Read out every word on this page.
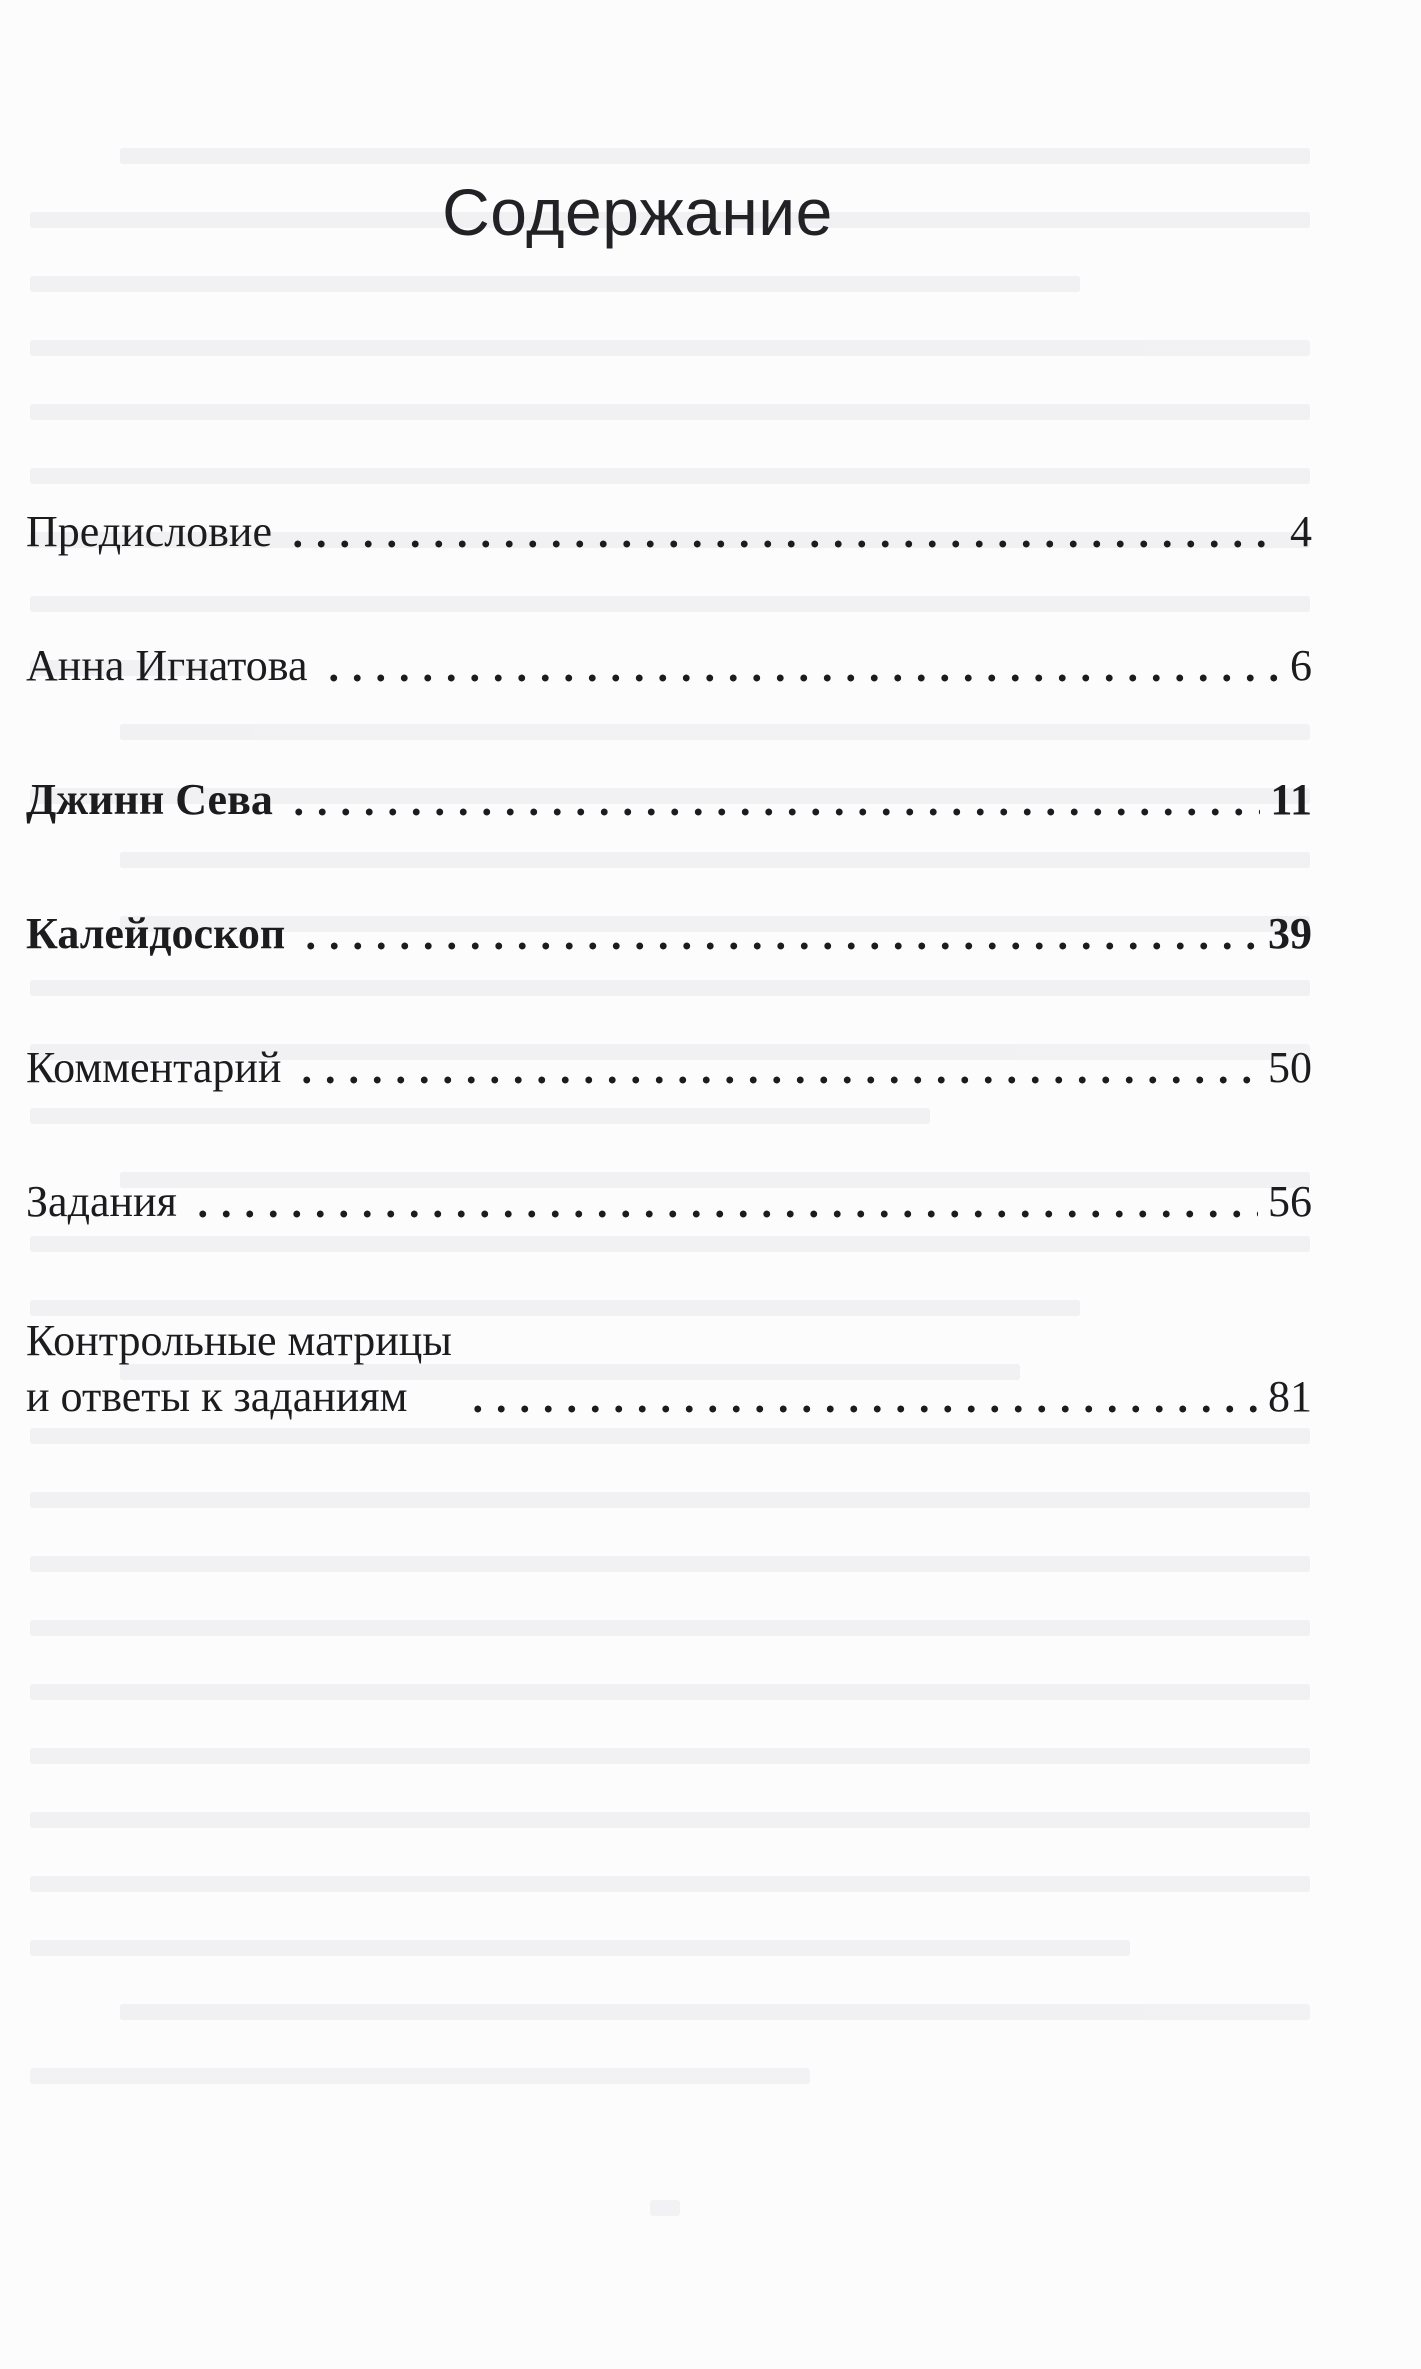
Содержание
Предисловие	4
Анна Игнатова	6
Джинн Сева	11
Калейдоскоп	39
Комментарий	50
Задания	56
Контрольные матрицы
и ответы к заданиям	81
